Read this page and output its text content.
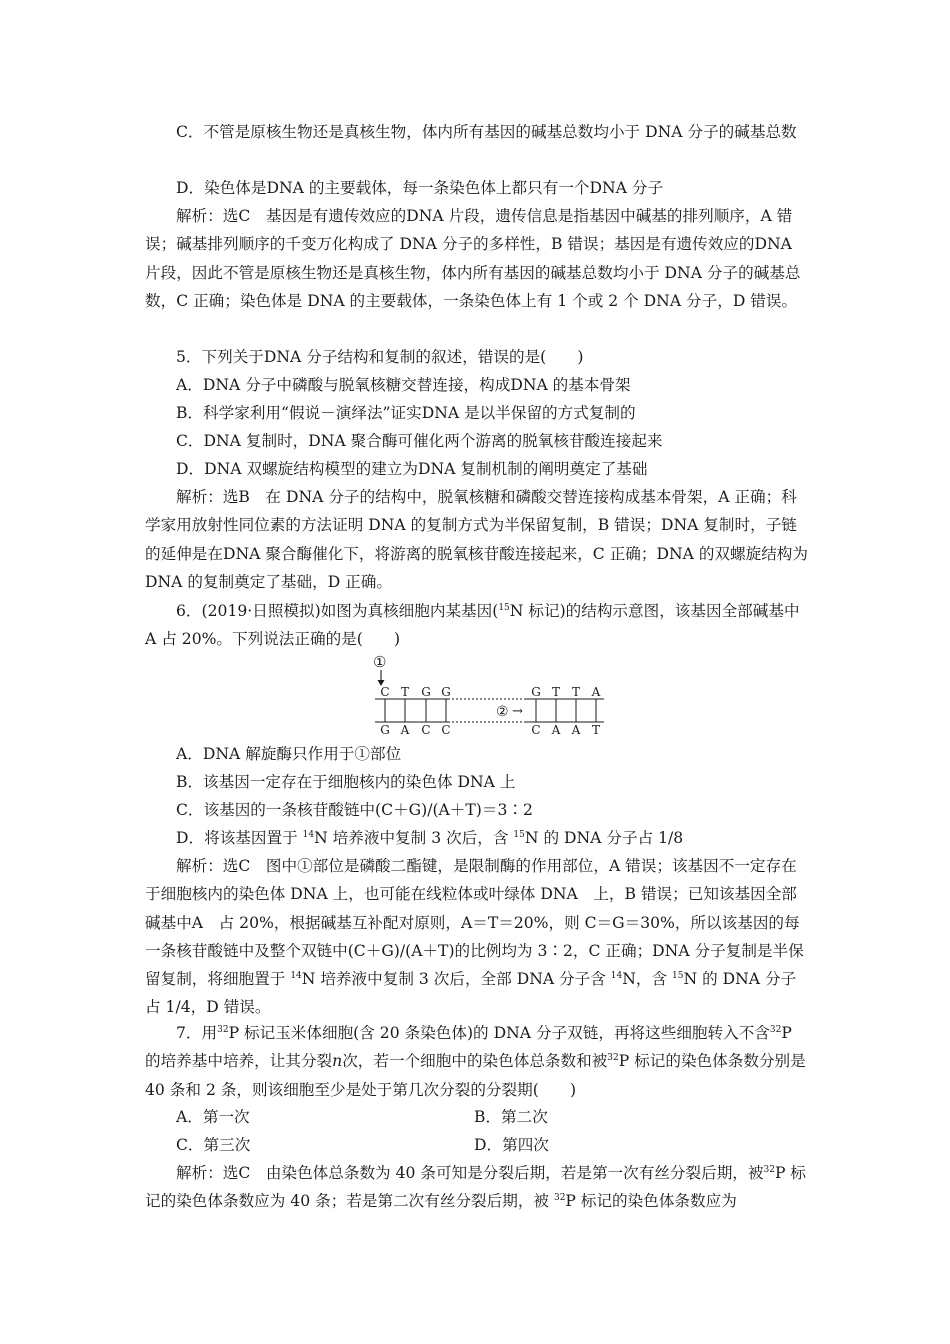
C．不管是原核生物还是真核生物，体内所有基因的碱基总数均小于 DNA 分子的碱基总数

D．染色体是DNA 的主要载体，每一条染色体上都只有一个DNA 分子

解析：选C　基因是有遗传效应的DNA 片段，遗传信息是指基因中碱基的排列顺序，A 错误；碱基排列顺序的千变万化构成了 DNA 分子的多样性，B 错误；基因是有遗传效应的DNA 片段，因此不管是原核生物还是真核生物，体内所有基因的碱基总数均小于 DNA 分子的碱基总数，C 正确；染色体是 DNA 的主要载体，一条染色体上有 1 个或 2 个 DNA 分子，D 错误。

5．下列关于DNA 分子结构和复制的叙述，错误的是(　　)

A．DNA 分子中磷酸与脱氧核糖交替连接，构成DNA 的基本骨架

B．科学家利用“假说－演绎法”证实DNA 是以半保留的方式复制的

C．DNA 复制时，DNA 聚合酶可催化两个游离的脱氧核苷酸连接起来

D．DNA 双螺旋结构模型的建立为DNA 复制机制的阐明奠定了基础

解析：选B　在 DNA 分子的结构中，脱氧核糖和磷酸交替连接构成基本骨架，A 正确；科学家用放射性同位素的方法证明 DNA 的复制方式为半保留复制，B 错误；DNA 复制时，子链的延伸是在DNA 聚合酶催化下，将游离的脱氧核苷酸连接起来，C 正确；DNA 的双螺旋结构为DNA 的复制奠定了基础，D 正确。

6．(2019·日照模拟)如图为真核细胞内某基因($^{15}$N 标记)的结构示意图，该基因全部碱基中A 占 20%。下列说法正确的是(　　)

①
C T G G	G T T A
② →
G A C C	C A A T

A．DNA 解旋酶只作用于①部位

B．该基因一定存在于细胞核内的染色体 DNA 上

C．该基因的一条核苷酸链中(C＋G)/(A＋T)＝3∶2

D．将该基因置于 $^{14}$N 培养液中复制 3 次后，含 $^{15}$N 的 DNA 分子占 1/8

解析：选C　图中①部位是磷酸二酯键，是限制酶的作用部位，A 错误；该基因不一定存在于细胞核内的染色体 DNA 上，也可能在线粒体或叶绿体 DNA　上，B 错误；已知该基因全部碱基中A　占 20%，根据碱基互补配对原则，A＝T＝20%，则 C＝G＝30%，所以该基因的每一条核苷酸链中及整个双链中(C＋G)/(A＋T)的比例均为 3∶2，C 正确；DNA 分子复制是半保留复制，将细胞置于 $^{14}$N 培养液中复制 3 次后，全部 DNA 分子含 $^{14}$N，含 $^{15}$N 的 DNA 分子占 1/4，D 错误。

7．用$^{32}$P 标记玉米体细胞(含 20 条染色体)的 DNA 分子双链，再将这些细胞转入不含$^{32}$P 的培养基中培养，让其分裂n次，若一个细胞中的染色体总条数和被$^{32}$P 标记的染色体条数分别是 40 条和 2 条，则该细胞至少是处于第几次分裂的分裂期(　　)

A．第一次	B．第二次

C．第三次	D．第四次

解析：选C　由染色体总条数为 40 条可知是分裂后期，若是第一次有丝分裂后期，被$^{32}$P 标记的染色体条数应为 40 条；若是第二次有丝分裂后期，被 $^{32}$P 标记的染色体条数应为
